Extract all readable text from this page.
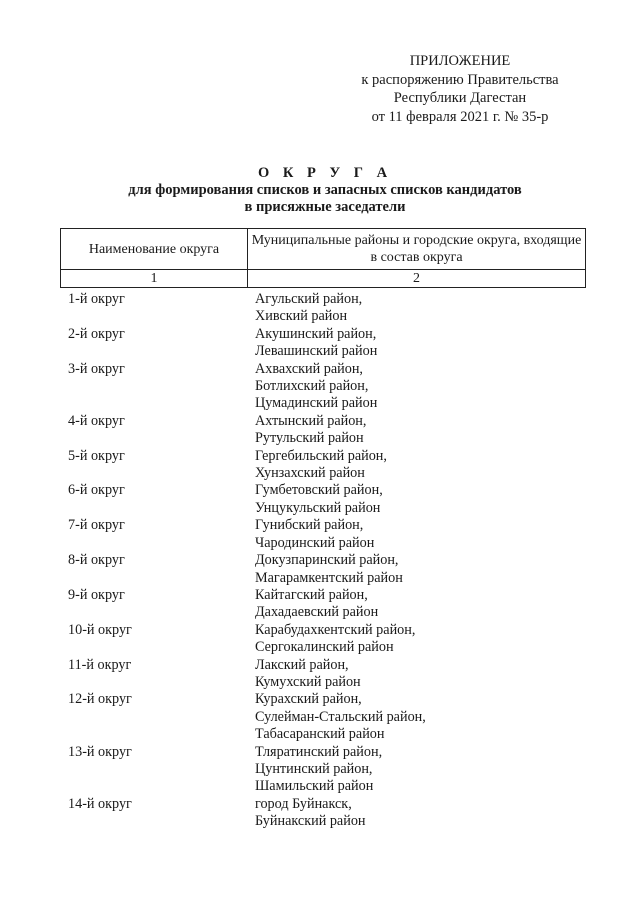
ПРИЛОЖЕНИЕ
к распоряжению Правительства
Республики Дагестан
от 11 февраля 2021 г. № 35-р
О К Р У Г А
для формирования списков и запасных списков кандидатов
в присяжные заседатели
Наименование округа	Муниципальные районы и городские округа, входящие в состав округа
1	2
1-й округ	Агульский район,
Хивский район
2-й округ	Акушинский район,
Левашинский район
3-й округ	Ахвахский район,
Ботлихский район,
Цумадинский район
4-й округ	Ахтынский район,
Рутульский район
5-й округ	Гергебильский район,
Хунзахский район
6-й округ	Гумбетовский район,
Унцукульский район
7-й округ	Гунибский район,
Чародинский район
8-й округ	Докузпаринский район,
Магарамкентский район
9-й округ	Кайтагский район,
Дахадаевский район
10-й округ	Карабудахкентский район,
Сергокалинский район
11-й округ	Лакский район,
Кумухский район
12-й округ	Курахский район,
Сулейман-Стальский район,
Табасаранский район
13-й округ	Тляратинский район,
Цунтинский район,
Шамильский район
14-й округ	город Буйнакск,
Буйнакский район
